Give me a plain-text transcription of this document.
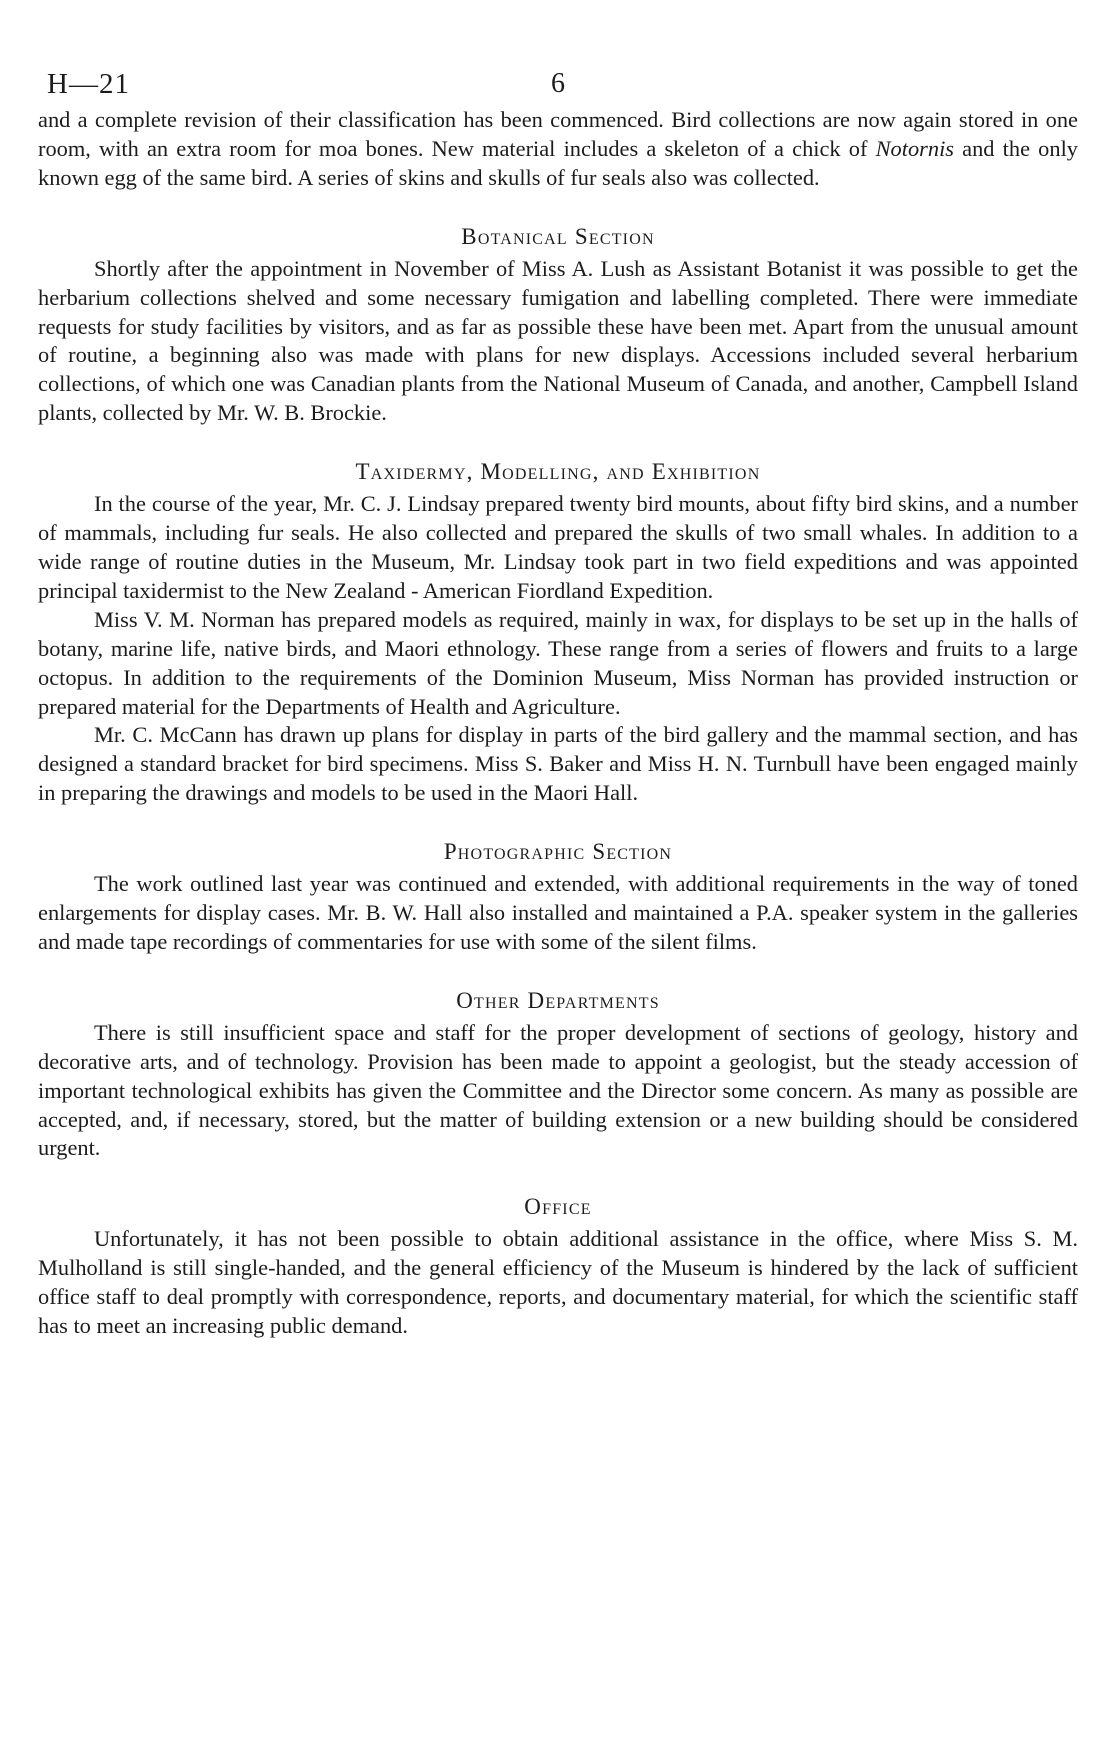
H—21	6

and a complete revision of their classification has been commenced. Bird collections are now again stored in one room, with an extra room for moa bones. New material includes a skeleton of a chick of Notornis and the only known egg of the same bird. A series of skins and skulls of fur seals also was collected.

Botanical Section

Shortly after the appointment in November of Miss A. Lush as Assistant Botanist it was possible to get the herbarium collections shelved and some necessary fumigation and labelling completed. There were immediate requests for study facilities by visitors, and as far as possible these have been met. Apart from the unusual amount of routine, a beginning also was made with plans for new displays. Accessions included several herbarium collections, of which one was Canadian plants from the National Museum of Canada, and another, Campbell Island plants, collected by Mr. W. B. Brockie.

Taxidermy, Modelling, and Exhibition

In the course of the year, Mr. C. J. Lindsay prepared twenty bird mounts, about fifty bird skins, and a number of mammals, including fur seals. He also collected and prepared the skulls of two small whales. In addition to a wide range of routine duties in the Museum, Mr. Lindsay took part in two field expeditions and was appointed principal taxidermist to the New Zealand - American Fiordland Expedition.

Miss V. M. Norman has prepared models as required, mainly in wax, for displays to be set up in the halls of botany, marine life, native birds, and Maori ethnology. These range from a series of flowers and fruits to a large octopus. In addition to the requirements of the Dominion Museum, Miss Norman has provided instruction or prepared material for the Departments of Health and Agriculture.

Mr. C. McCann has drawn up plans for display in parts of the bird gallery and the mammal section, and has designed a standard bracket for bird specimens. Miss S. Baker and Miss H. N. Turnbull have been engaged mainly in preparing the drawings and models to be used in the Maori Hall.

Photographic Section

The work outlined last year was continued and extended, with additional requirements in the way of toned enlargements for display cases. Mr. B. W. Hall also installed and maintained a P.A. speaker system in the galleries and made tape recordings of commentaries for use with some of the silent films.

Other Departments

There is still insufficient space and staff for the proper development of sections of geology, history and decorative arts, and of technology. Provision has been made to appoint a geologist, but the steady accession of important technological exhibits has given the Committee and the Director some concern. As many as possible are accepted, and, if necessary, stored, but the matter of building extension or a new building should be considered urgent.

Office

Unfortunately, it has not been possible to obtain additional assistance in the office, where Miss S. M. Mulholland is still single-handed, and the general efficiency of the Museum is hindered by the lack of sufficient office staff to deal promptly with correspondence, reports, and documentary material, for which the scientific staff has to meet an increasing public demand.
